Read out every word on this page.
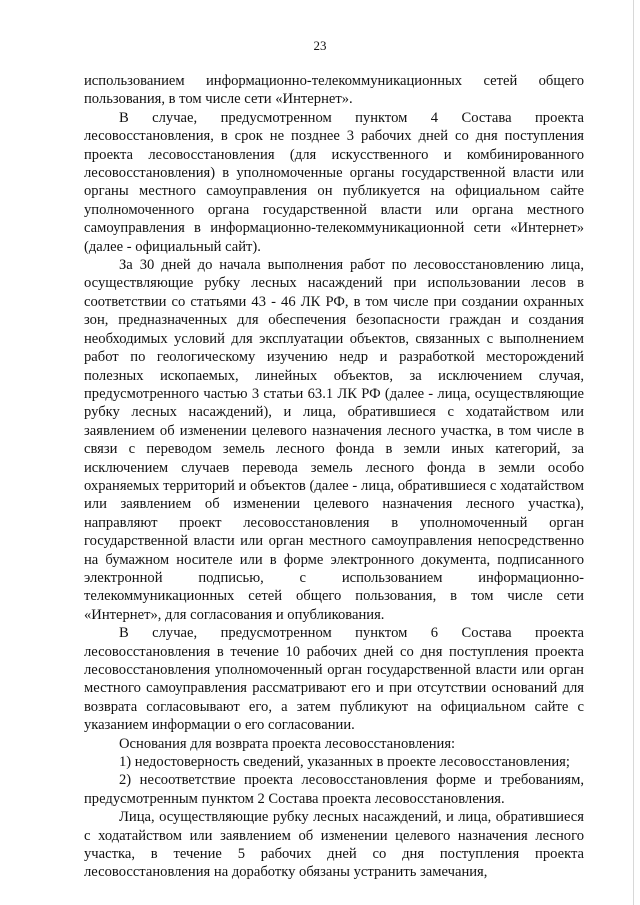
23

использованием информационно-телекоммуникационных сетей общего пользования, в том числе сети «Интернет».

В случае, предусмотренном пунктом 4 Состава проекта лесовосстановления, в срок не позднее 3 рабочих дней со дня поступления проекта лесовосстановления (для искусственного и комбинированного лесовосстановления) в уполномоченные органы государственной власти или органы местного самоуправления он публикуется на официальном сайте уполномоченного органа государственной власти или органа местного самоуправления в информационно-телекоммуникационной сети «Интернет» (далее - официальный сайт).

За 30 дней до начала выполнения работ по лесовосстановлению лица, осуществляющие рубку лесных насаждений при использовании лесов в соответствии со статьями 43 - 46 ЛК РФ, в том числе при создании охранных зон, предназначенных для обеспечения безопасности граждан и создания необходимых условий для эксплуатации объектов, связанных с выполнением работ по геологическому изучению недр и разработкой месторождений полезных ископаемых, линейных объектов, за исключением случая, предусмотренного частью 3 статьи 63.1 ЛК РФ (далее - лица, осуществляющие рубку лесных насаждений), и лица, обратившиеся с ходатайством или заявлением об изменении целевого назначения лесного участка, в том числе в связи с переводом земель лесного фонда в земли иных категорий, за исключением случаев перевода земель лесного фонда в земли особо охраняемых территорий и объектов (далее - лица, обратившиеся с ходатайством или заявлением об изменении целевого назначения лесного участка), направляют проект лесовосстановления в уполномоченный орган государственной власти или орган местного самоуправления непосредственно на бумажном носителе или в форме электронного документа, подписанного электронной подписью, с использованием информационно-телекоммуникационных сетей общего пользования, в том числе сети «Интернет», для согласования и опубликования.

В случае, предусмотренном пунктом 6 Состава проекта лесовосстановления в течение 10 рабочих дней со дня поступления проекта лесовосстановления уполномоченный орган государственной власти или орган местного самоуправления рассматривают его и при отсутствии оснований для возврата согласовывают его, а затем публикуют на официальном сайте с указанием информации о его согласовании.

Основания для возврата проекта лесовосстановления:

1) недостоверность сведений, указанных в проекте лесовосстановления;

2) несоответствие проекта лесовосстановления форме и требованиям, предусмотренным пунктом 2 Состава проекта лесовосстановления.

Лица, осуществляющие рубку лесных насаждений, и лица, обратившиеся с ходатайством или заявлением об изменении целевого назначения лесного участка, в течение 5 рабочих дней со дня поступления проекта лесовосстановления на доработку обязаны устранить замечания,
